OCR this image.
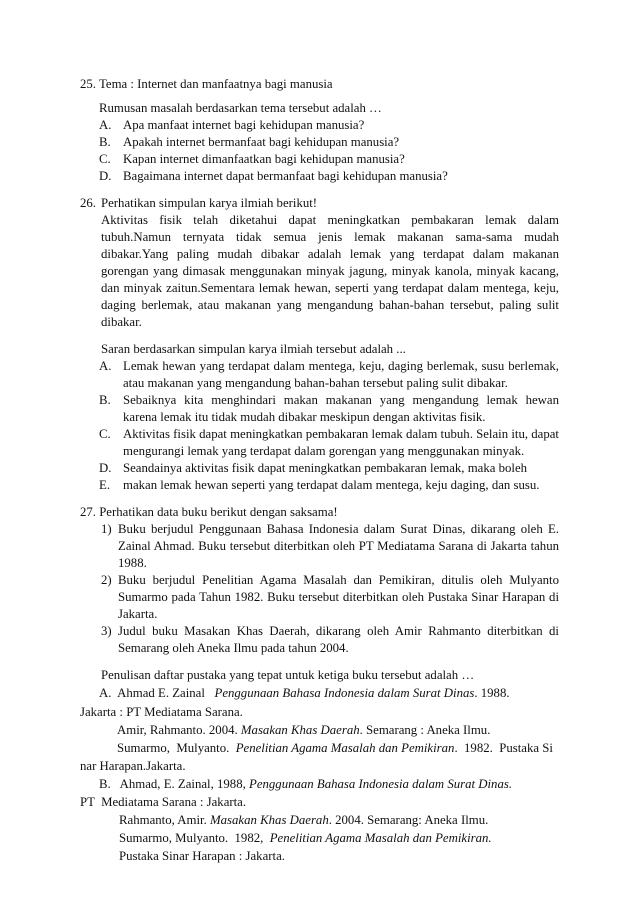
25. Tema : Internet dan manfaatnya bagi manusia
Rumusan masalah berdasarkan tema tersebut adalah …
A. Apa manfaat internet bagi kehidupan manusia?
B. Apakah internet bermanfaat bagi kehidupan manusia?
C. Kapan internet dimanfaatkan bagi kehidupan manusia?
D. Bagaimana internet dapat bermanfaat bagi kehidupan manusia?
26. Perhatikan simpulan karya ilmiah berikut!
Aktivitas fisik telah diketahui dapat meningkatkan pembakaran lemak dalam
tubuh.Namun ternyata tidak semua jenis lemak makanan sama-sama mudah
dibakar.Yang paling mudah dibakar adalah lemak yang terdapat dalam makanan
gorengan yang dimasak menggunakan minyak jagung, minyak kanola, minyak kacang,
dan minyak zaitun.Sementara lemak hewan, seperti yang terdapat dalam mentega, keju,
daging berlemak, atau makanan yang mengandung bahan-bahan tersebut, paling sulit
dibakar.
Saran berdasarkan simpulan karya ilmiah tersebut adalah ...
A. Lemak hewan yang terdapat dalam mentega, keju, daging berlemak, susu berlemak,
atau makanan yang mengandung bahan-bahan tersebut paling sulit dibakar.
B. Sebaiknya kita menghindari makan makanan yang mengandung lemak hewan
karena lemak itu tidak mudah dibakar meskipun dengan aktivitas fisik.
C. Aktivitas fisik dapat meningkatkan pembakaran lemak dalam tubuh. Selain itu, dapat
mengurangi lemak yang terdapat dalam gorengan yang menggunakan minyak.
D. Seandainya aktivitas fisik dapat meningkatkan pembakaran lemak, maka boleh
E. makan lemak hewan seperti yang terdapat dalam mentega, keju daging, dan susu.
27. Perhatikan data buku berikut dengan saksama!
1) Buku berjudul Penggunaan Bahasa Indonesia dalam Surat Dinas, dikarang oleh E.
Zainal Ahmad. Buku tersebut diterbitkan oleh PT Mediatama Sarana di Jakarta tahun
1988.
2) Buku berjudul Penelitian Agama Masalah dan Pemikiran, ditulis oleh Mulyanto
Sumarmo pada Tahun 1982. Buku tersebut diterbitkan oleh Pustaka Sinar Harapan di
Jakarta.
3) Judul buku Masakan Khas Daerah, dikarang oleh Amir Rahmanto diterbitkan di
Semarang oleh Aneka Ilmu pada tahun 2004.
Penulisan daftar pustaka yang tepat untuk ketiga buku tersebut adalah …
A.  Ahmad E. Zainal   Penggunaan Bahasa Indonesia dalam Surat Dinas. 1988.
Jakarta : PT Mediatama Sarana.
Amir, Rahmanto. 2004. Masakan Khas Daerah. Semarang : Aneka Ilmu.
Sumarmo,  Mulyanto.  Penelitian Agama Masalah dan Pemikiran.  1982.  Pustaka Si
nar Harapan.Jakarta.
B.   Ahmad, E. Zainal, 1988, Penggunaan Bahasa Indonesia dalam Surat Dinas.
PT  Mediatama Sarana : Jakarta.
Rahmanto, Amir. Masakan Khas Daerah. 2004. Semarang: Aneka Ilmu.
Sumarmo, Mulyanto.  1982,  Penelitian Agama Masalah dan Pemikiran.
Pustaka Sinar Harapan : Jakarta.
